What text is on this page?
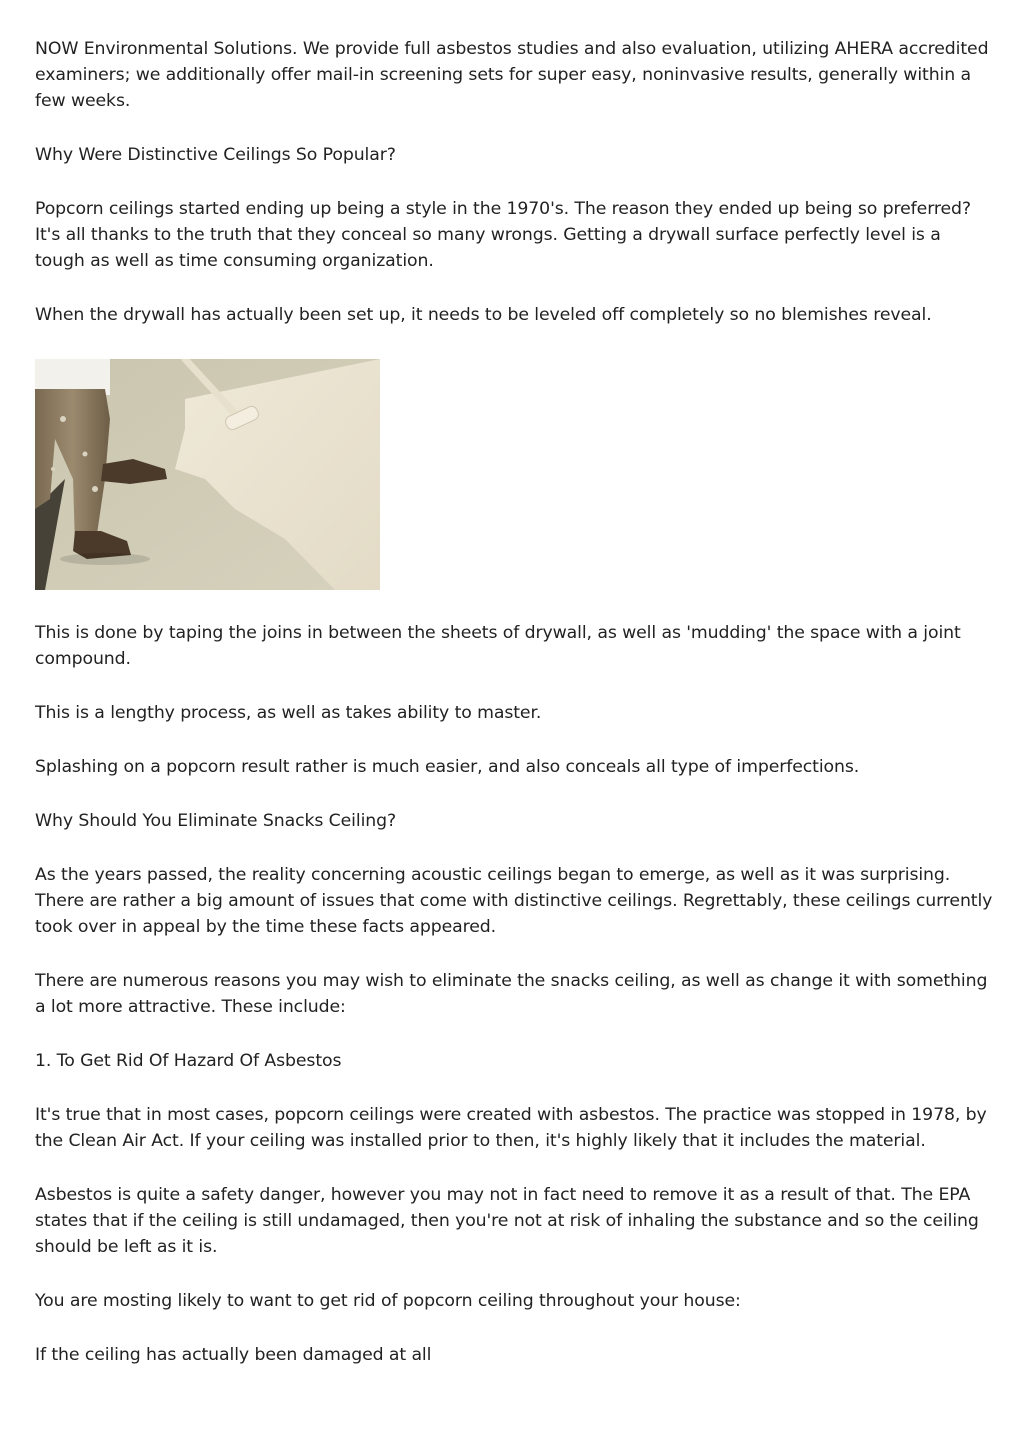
NOW Environmental Solutions. We provide full asbestos studies and also evaluation, utilizing AHERA accredited examiners; we additionally offer mail-in screening sets for super easy, noninvasive results, generally within a few weeks.

Why Were Distinctive Ceilings So Popular?

Popcorn ceilings started ending up being a style in the 1970's. The reason they ended up being so preferred? It's all thanks to the truth that they conceal so many wrongs. Getting a drywall surface perfectly level is a tough as well as time consuming organization.

When the drywall has actually been set up, it needs to be leveled off completely so no blemishes reveal.

This is done by taping the joins in between the sheets of drywall, as well as 'mudding' the space with a joint compound.

This is a lengthy process, as well as takes ability to master.

Splashing on a popcorn result rather is much easier, and also conceals all type of imperfections.

Why Should You Eliminate Snacks Ceiling?

As the years passed, the reality concerning acoustic ceilings began to emerge, as well as it was surprising. There are rather a big amount of issues that come with distinctive ceilings. Regrettably, these ceilings currently took over in appeal by the time these facts appeared.

There are numerous reasons you may wish to eliminate the snacks ceiling, as well as change it with something a lot more attractive. These include:

1. To Get Rid Of Hazard Of Asbestos

It's true that in most cases, popcorn ceilings were created with asbestos. The practice was stopped in 1978, by the Clean Air Act. If your ceiling was installed prior to then, it's highly likely that it includes the material.

Asbestos is quite a safety danger, however you may not in fact need to remove it as a result of that. The EPA states that if the ceiling is still undamaged, then you're not at risk of inhaling the substance and so the ceiling should be left as it is.

You are mosting likely to want to get rid of popcorn ceiling throughout your house:

If the ceiling has actually been damaged at all
